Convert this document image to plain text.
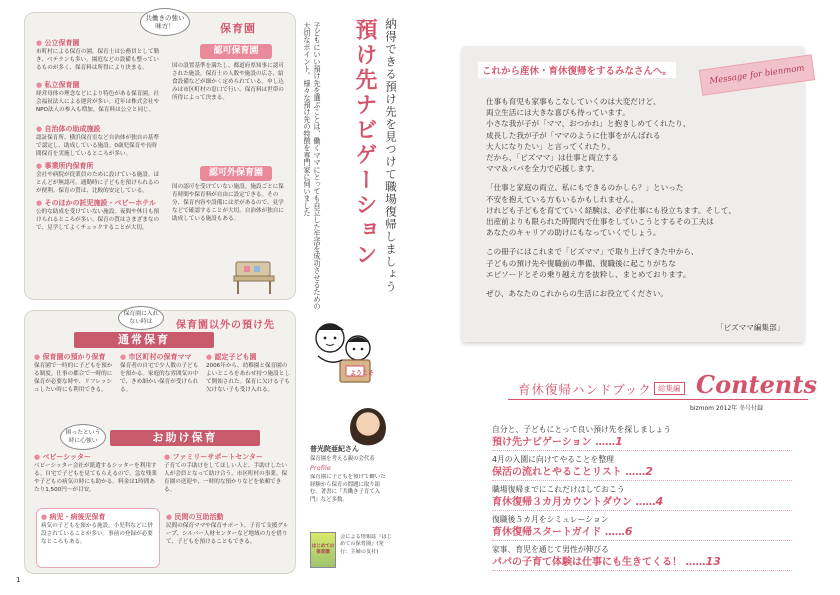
共働きの強い味方！	保育園
● 公立保育園
市町村による保育の園。保育士は公務員として勤き、ベテランも多い。園庭などの設備も整っているものが多く、保育料は所得により決まる。
● 私立保育園
経営母体の理念などにより特色がある保育園。社会福祉法人による運営が多い。近年は株式会社やNPO法人の参入も増加。保育料は公立と同じ。
● 自治体の助成施設
認証保育所、横浜保育室など自治体が独自の基準で認定し、助成している施設。0歳児保育や長時間保育を実施しているところが多い。
● 事業所内保育所
会社や病院が従業員のために設けている施設。ほとんどが無認可。通勤時に子どもを預けられるのが便利。保育の質は、比較的安定している。
● そのほかの託児施設・ベビーホテル
公的な助成を受けていない施設。夜間や休日も預けられるところが多い。保育の質はさまざまなので、見学してよくチェックすることが大切。
認可保育園
国の設置基準を満たし、都道府県知事に認可された施設。保育士の人数や施設の広さ、給食設備などが細かく定められている。申し込みは市区町村の窓口で行い、保育料は世帯の所得によって決まる。
認可外保育園
国の認可を受けていない施設。施設ごとに保育時間や保育料が自由に設定できる。その分、保育内容や設備には差があるので、見学などで確認することが大切。自治体が独自に助成している施設もある。
保育園に入れない時は	保育園以外の預け先
通常保育
● 保育園の預かり保育
保育園で一時的に子どもを預かる制度。仕事の都合で一時的に保育が必要な時や、リフレッシュしたい時にも利用できる。
● 市区町村の保育ママ
保育者の自宅で少人数の子どもを預かる。家庭的な雰囲気の中で、きめ細かい保育が受けられる。
● 認定子ども園
2006年から、幼稚園と保育園のよいところをあわせ持つ施設として開始された。保育に欠ける子も欠けない子も受け入れる。
困ったという時に心強い	お助け保育
● ベビーシッター
ベビーシッター会社が派遣するシッターを利用する。自宅で子どもを見てもらえるので、急な残業や子どもの病気の時にも助かる。料金は1時間あたり1,500円〜が目安。
● ファミリーサポートセンター
子育ての手助けをしてほしい人と、手助けしたい人が会員となって助け合う、市区町村の事業。保育園の送迎や、一時的な預かりなどを依頼できる。
● 病児・病後児保育
病気の子どもを預かる施設。小児科などに併設されていることが多い。事前の登録が必要なところもある。
● 民間の互助活動
民間の保育ママや保育サポート、子育て支援グループ、シルバー人材センターなど地域の力を借りて、子どもを預けることもできる。
1
納得できる預け先を見つけて職場復帰しましょう
預け先ナビゲーション
子どもにいい預け先を選ぶことは、働くママにとっても自立した生活を成功させるための大切なポイント。様々な預け先の特徴を専門家に伺いました
ようこそ
普光院亜紀さん
保育園を考える親の会代表
Profile
保育園に子どもを預けて働いた経験から保育の問題に取り組む。著書に『共働き子育て入門』など多数。
はじめての保育園
会による情報誌『はじめての保育園』(発行：主婦の友社)
これから産休・育休復帰をするみなさんへ。	Message for bienmom
仕事も育児も家事もこなしていくのは大変だけど、
両立生活には大きな喜びも待っています。
小さな我が子が「ママ、おつかれ」と抱きしめてくれたり、
成長した我が子が「ママのように仕事をがんばれる
大人になりたい」と言ってくれたり。
だから、「ビズママ」は仕事と両立する
ママ＆パパを全力で応援します。
「仕事と家庭の両立、私にもできるのかしら？」といった
不安を抱えている方もいるかもしれません。
けれども子どもを育てていく経験は、必ず仕事にも役立ちます。そして、
出産前よりも限られた時間内で仕事をしていこうとするその工夫は
あなたのキャリアの助けにもなっていくでしょう。
この冊子にはこれまで「ビズママ」で取り上げてきた中から、
子どもの預け先や復職前の準備、復職後に起こりがちな
エピソードとその乗り越え方を抜粋し、まとめております。
ぜひ、あなたのこれからの生活にお役立てください。
「ビズママ編集部」
育休復帰ハンドブック 総集編 Contents
bizmom 2012年 冬号付録
自分と、子どもにとって良い預け先を探しましょう
預け先ナビゲーション ……1
4月の入園に向けてやることを整理
保活の流れとやることリスト ……2
職場復帰までにこれだけはしておこう
育休復帰３カ月カウントダウン ……4
復職後５カ月をシミュレーション
育休復帰スタートガイド ……6
家事、育児を通じて男性が伸びる
パパの子育て体験は仕事にも生きてくる！ ……13
